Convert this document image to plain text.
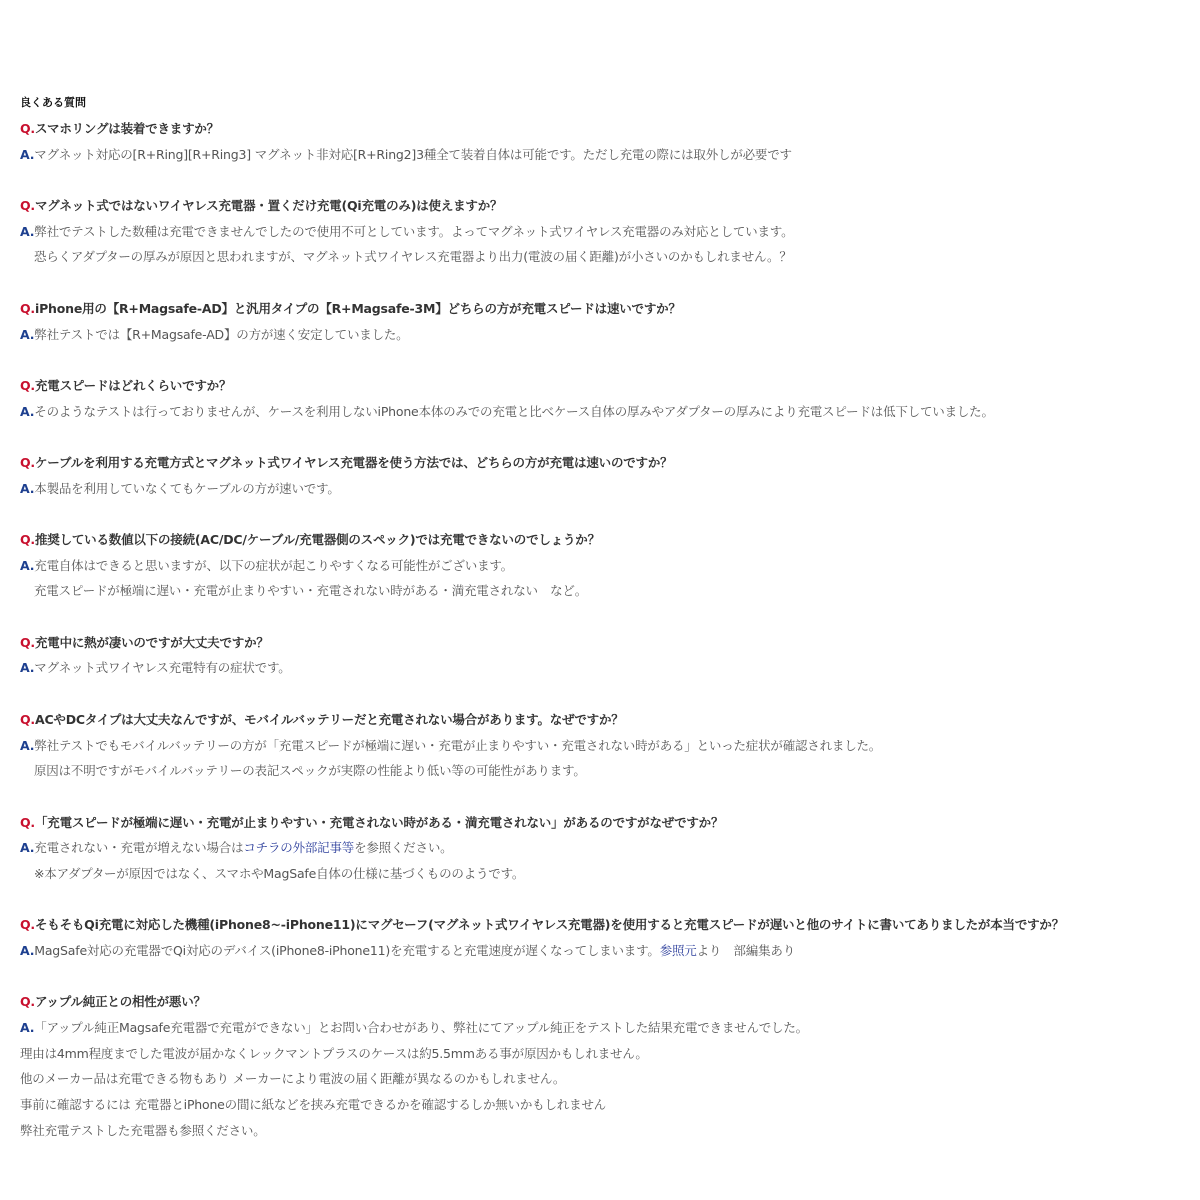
良くある質問
Q.スマホリングは装着できますか？
A.マグネット対応の[R+Ring][R+Ring3] マグネット非対応[R+Ring2]3種全て装着自体は可能です。ただし充電の際には取外しが必要です
Q.マグネット式ではないワイヤレス充電器・置くだけ充電(Qi充電のみ)は使えますか？
A.弊社でテストした数種は充電できませんでしたので使用不可としています。よってマグネット式ワイヤレス充電器のみ対応としています。
恐らくアダプターの厚みが原因と思われますが、マグネット式ワイヤレス充電器より出力(電波の届く距離)が小さいのかもしれません。？
Q.iPhone用の【R+Magsafe-AD】と汎用タイプの【R+Magsafe-3M】どちらの方が充電スピードは速いですか？
A.弊社テストでは【R+Magsafe-AD】の方が速く安定していました。
Q.充電スピードはどれくらいですか？
A.そのようなテストは行っておりませんが、ケースを利用しないiPhone本体のみでの充電と比べケース自体の厚みやアダプターの厚みにより充電スピードは低下していました。
Q.ケーブルを利用する充電方式とマグネット式ワイヤレス充電器を使う方法では、どちらの方が充電は速いのですか？
A.本製品を利用していなくてもケーブルの方が速いです。
Q.推奨している数値以下の接続(AC/DC/ケーブル/充電器側のスペック)では充電できないのでしょうか？
A.充電自体はできると思いますが、以下の症状が起こりやすくなる可能性がございます。
充電スピードが極端に遅い・充電が止まりやすい・充電されない時がある・満充電されない　など。
Q.充電中に熱が凄いのですが大丈夫ですか？
A.マグネット式ワイヤレス充電特有の症状です。
Q.ACやDCタイプは大丈夫なんですが、モバイルバッテリーだと充電されない場合があります。なぜですか？
A.弊社テストでもモバイルバッテリーの方が「充電スピードが極端に遅い・充電が止まりやすい・充電されない時がある」といった症状が確認されました。
原因は不明ですがモバイルバッテリーの表記スペックが実際の性能より低い等の可能性があります。
Q.「充電スピードが極端に遅い・充電が止まりやすい・充電されない時がある・満充電されない」があるのですがなぜですか？
A.充電されない・充電が増えない場合はコチラの外部記事等を参照ください。
※本アダプターが原因ではなく、スマホやMagSafe自体の仕様に基づくもののようです。
Q.そもそもQi充電に対応した機種(iPhone8~-iPhone11)にマグセーフ(マグネット式ワイヤレス充電器)を使用すると充電スピードが遅いと他のサイトに書いてありましたが本当ですか？
A.MagSafe対応の充電器でQi対応のデバイス(iPhone8-iPhone11)を充電すると充電速度が遅くなってしまいます。参照元より　部編集あり
Q.アップル純正との相性が悪い？
A.「アップル純正Magsafe充電器で充電ができない」とお問い合わせがあり、弊社にてアップル純正をテストした結果充電できませんでした。
理由は4mm程度までした電波が届かなくレックマントプラスのケースは約5.5mmある事が原因かもしれません。
他のメーカー品は充電できる物もあり メーカーにより電波の届く距離が異なるのかもしれません。
事前に確認するには 充電器とiPhoneの間に紙などを挟み充電できるかを確認するしか無いかもしれません
弊社充電テストした充電器も参照ください。
